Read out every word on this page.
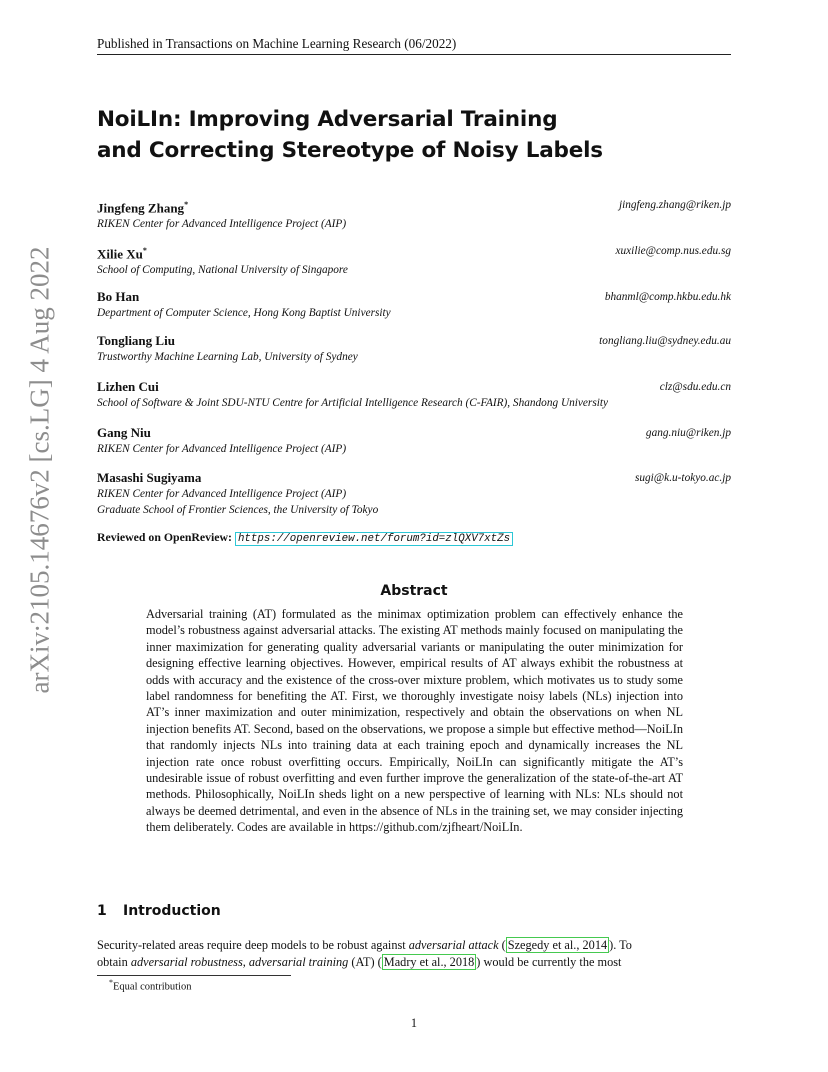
Published in Transactions on Machine Learning Research (06/2022)
NoiLIn: Improving Adversarial Training
and Correcting Stereotype of Noisy Labels
Jingfeng Zhang*	jingfeng.zhang@riken.jp
RIKEN Center for Advanced Intelligence Project (AIP)
Xilie Xu*	xuxilie@comp.nus.edu.sg
School of Computing, National University of Singapore
Bo Han	bhanml@comp.hkbu.edu.hk
Department of Computer Science, Hong Kong Baptist University
Tongliang Liu	tongliang.liu@sydney.edu.au
Trustworthy Machine Learning Lab, University of Sydney
Lizhen Cui	clz@sdu.edu.cn
School of Software & Joint SDU-NTU Centre for Artificial Intelligence Research (C-FAIR), Shandong University
Gang Niu	gang.niu@riken.jp
RIKEN Center for Advanced Intelligence Project (AIP)
Masashi Sugiyama	sugi@k.u-tokyo.ac.jp
RIKEN Center for Advanced Intelligence Project (AIP)
Graduate School of Frontier Sciences, the University of Tokyo
Reviewed on OpenReview: https://openreview.net/forum?id=zlQXV7xtZs
Abstract
Adversarial training (AT) formulated as the minimax optimization problem can effectively enhance the model’s robustness against adversarial attacks. The existing AT methods mainly focused on manipulating the inner maximization for generating quality adversarial variants or manipulating the outer minimization for designing effective learning objectives. However, empirical results of AT always exhibit the robustness at odds with accuracy and the existence of the cross-over mixture problem, which motivates us to study some label randomness for benefiting the AT. First, we thoroughly investigate noisy labels (NLs) injection into AT’s inner maximization and outer minimization, respectively and obtain the observations on when NL injection benefits AT. Second, based on the observations, we propose a simple but effective method—NoiLIn that randomly injects NLs into training data at each training epoch and dynamically increases the NL injection rate once robust overfitting occurs. Empirically, NoiLIn can significantly mitigate the AT’s undesirable issue of robust overfitting and even further improve the generalization of the state-of-the-art AT methods. Philosophically, NoiLIn sheds light on a new perspective of learning with NLs: NLs should not always be deemed detrimental, and even in the absence of NLs in the training set, we may consider injecting them deliberately. Codes are available in https://github.com/zjfheart/NoiLIn.
1 Introduction
Security-related areas require deep models to be robust against adversarial attack ( Szegedy et al., 2014 ). To
obtain adversarial robustness, adversarial training (AT) ( Madry et al., 2018 ) would be currently the most
*Equal contribution
1
arXiv:2105.14676v2 [cs.LG] 4 Aug 2022
